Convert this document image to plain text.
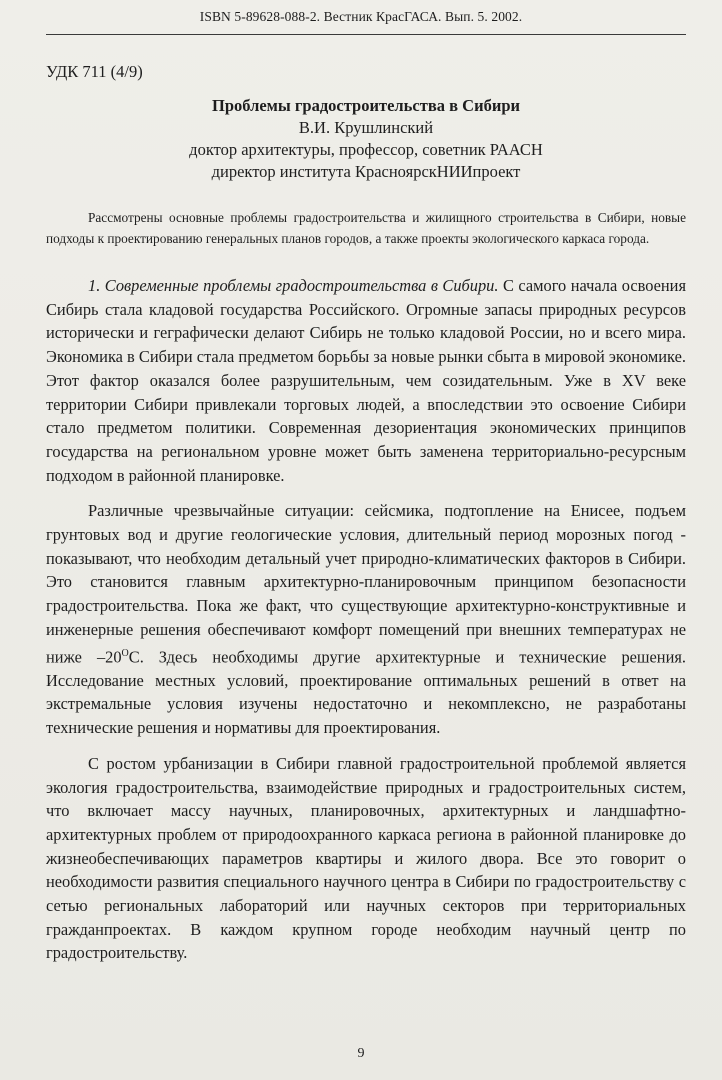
ISBN 5-89628-088-2. Вестник КрасГАСА. Вып. 5. 2002.
УДК 711 (4/9)
Проблемы градостроительства в Сибири
В.И. Крушлинский
доктор архитектуры, профессор, советник РААСН
директор института КрасноярскНИИпроект
Рассмотрены основные проблемы градостроительства и жилищного строительства в Сибири, новые подходы к проектированию генеральных планов городов, а также проекты экологического каркаса города.

1. Современные проблемы градостроительства в Сибири. С самого начала освоения Сибирь стала кладовой государства Российского. Огромные запасы природных ресурсов исторически и геграфически делают Сибирь не только кладовой России, но и всего мира. Экономика в Сибири стала предметом борьбы за новые рынки сбыта в мировой экономике. Этот фактор оказался более разрушительным, чем созидательным. Уже в XV веке территории Сибири привлекали торговых людей, а впоследствии это освоение Сибири стало предметом политики. Современная дезориентация экономических принципов государства на региональном уровне может быть заменена территориально-ресурсным подходом в районной планировке.

Различные чрезвычайные ситуации: сейсмика, подтопление на Енисее, подъем грунтовых вод и другие геологические условия, длительный период морозных погод - показывают, что необходим детальный учет природно-климатических факторов в Сибири. Это становится главным архитектурно-планировочным принципом безопасности градостроительства. Пока же факт, что существующие архитектурно-конструктивные и инженерные решения обеспечивают комфорт помещений при внешних температурах не ниже $-20^OС$. Здесь необходимы другие архитектурные и технические решения. Исследование местных условий, проектирование оптимальных решений в ответ на экстремальные условия изучены недостаточно и некомплексно, не разработаны технические решения и нормативы для проектирования.

С ростом урбанизации в Сибири главной градостроительной проблемой является экология градостроительства, взаимодействие природных и градостроительных систем, что включает массу научных, планировочных, архитектурных и ландшафтно-архитектурных проблем от природоохранного каркаса региона в районной планировке до жизнеобеспечивающих параметров квартиры и жилого двора. Все это говорит о необходимости развития специального научного центра в Сибири по градостроительству с сетью региональных лабораторий или научных секторов при территориальных гражданпроектах. В каждом крупном городе необходим научный центр по градостроительству.

9
